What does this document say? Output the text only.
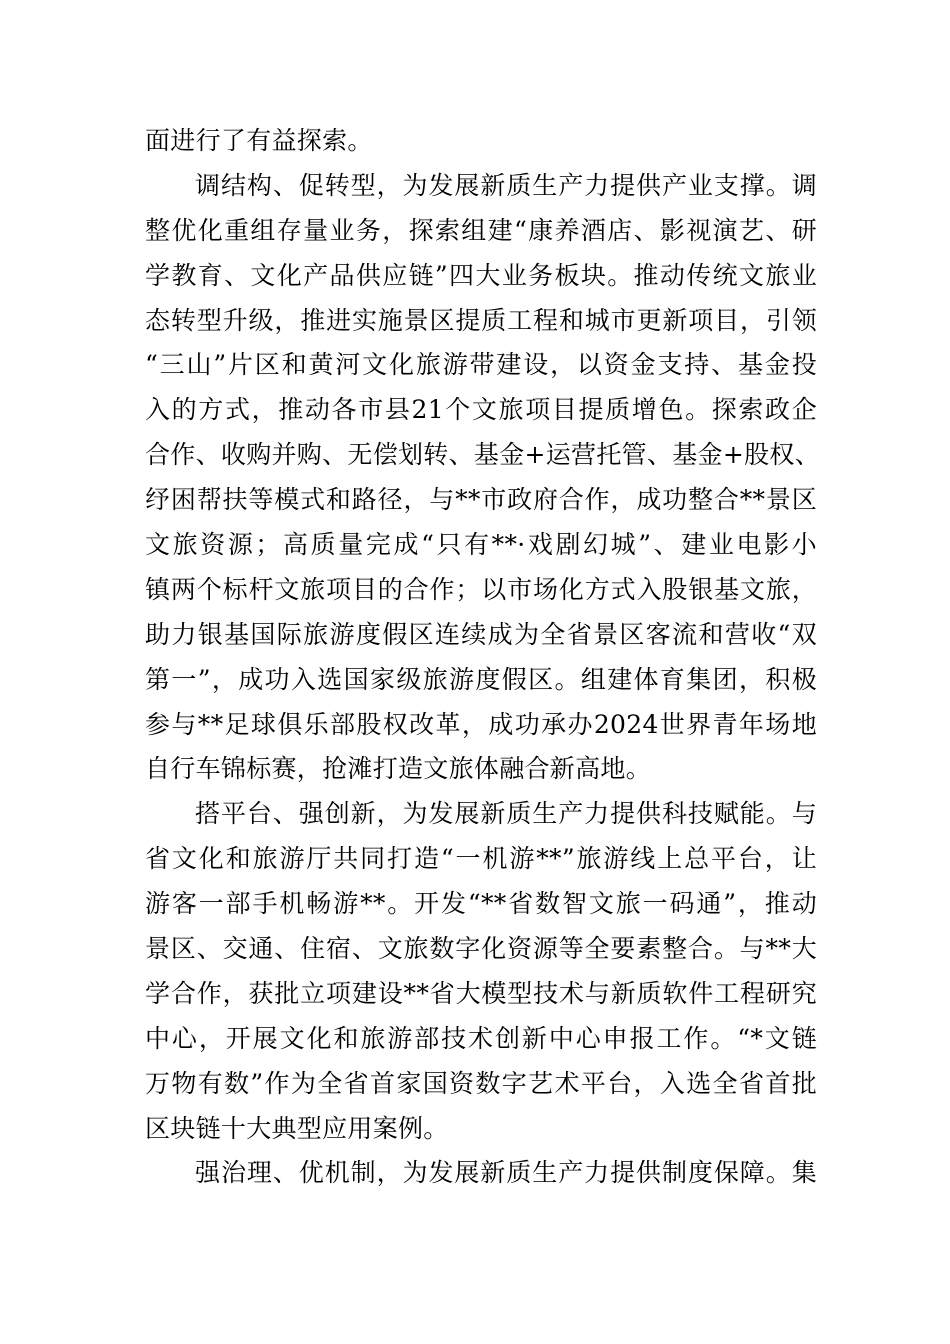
面进行了有益探索。
调结构、促转型，为发展新质生产力提供产业支撑。调
整优化重组存量业务，探索组建“康养酒店、影视演艺、研
学教育、文化产品供应链”四大业务板块。推动传统文旅业
态转型升级，推进实施景区提质工程和城市更新项目，引领
“三山”片区和黄河文化旅游带建设，以资金支持、基金投
入的方式，推动各市县21个文旅项目提质增色。探索政企
合作、收购并购、无偿划转、基金+运营托管、基金+股权、
纾困帮扶等模式和路径，与**市政府合作，成功整合**景区
文旅资源；高质量完成“只有**·戏剧幻城”、建业电影小
镇两个标杆文旅项目的合作；以市场化方式入股银基文旅，
助力银基国际旅游度假区连续成为全省景区客流和营收“双
第一”，成功入选国家级旅游度假区。组建体育集团，积极
参与**足球俱乐部股权改革，成功承办2024世界青年场地
自行车锦标赛，抢滩打造文旅体融合新高地。
搭平台、强创新，为发展新质生产力提供科技赋能。与
省文化和旅游厅共同打造“一机游**”旅游线上总平台，让
游客一部手机畅游**。开发“**省数智文旅一码通”，推动
景区、交通、住宿、文旅数字化资源等全要素整合。与**大
学合作，获批立项建设**省大模型技术与新质软件工程研究
中心，开展文化和旅游部技术创新中心申报工作。“*文链
万物有数”作为全省首家国资数字艺术平台，入选全省首批
区块链十大典型应用案例。
强治理、优机制，为发展新质生产力提供制度保障。集
